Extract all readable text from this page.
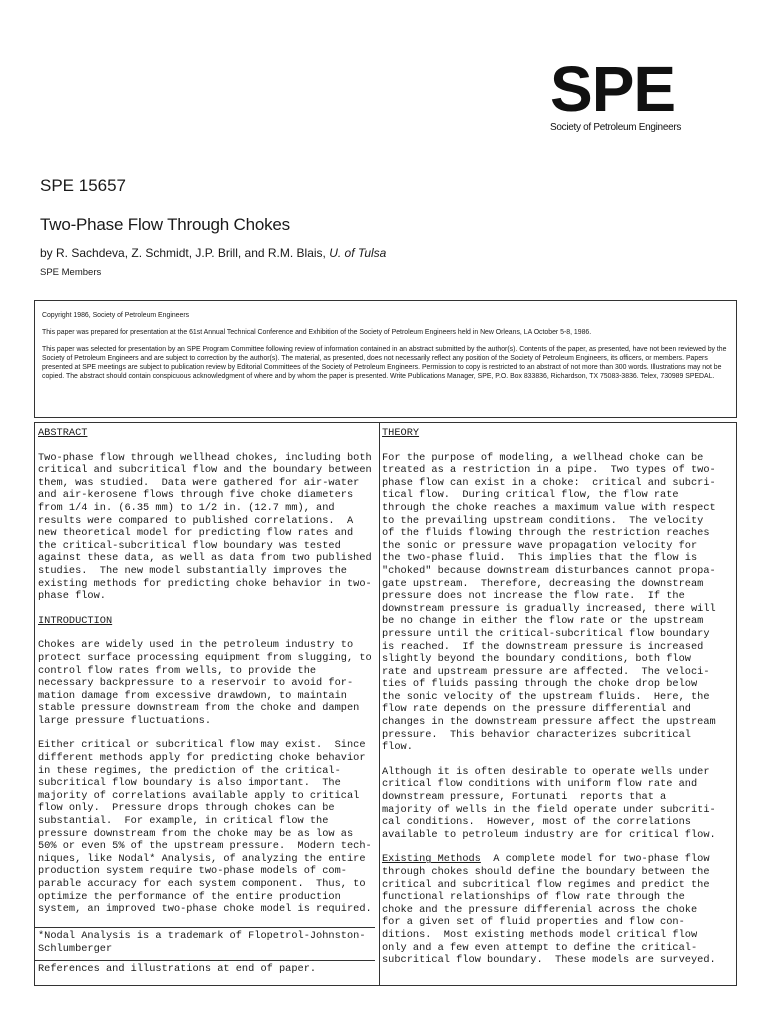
SPE
Society of Petroleum Engineers
SPE 15657
Two-Phase Flow Through Chokes
by R. Sachdeva, Z. Schmidt, J.P. Brill, and R.M. Blais, U. of Tulsa
SPE Members

Copyright 1986, Society of Petroleum Engineers

This paper was prepared for presentation at the 61st Annual Technical Conference and Exhibition of the Society of Petroleum Engineers held in New Orleans, LA October 5-8, 1986.

This paper was selected for presentation by an SPE Program Committee following review of information contained in an abstract submitted by the author(s). Contents of the paper, as presented, have not been reviewed by the Society of Petroleum Engineers and are subject to correction by the author(s). The material, as presented, does not necessarily reflect any position of the Society of Petroleum Engineers, its officers, or members. Papers presented at SPE meetings are subject to publication review by Editorial Committees of the Society of Petroleum Engineers. Permission to copy is restricted to an abstract of not more than 300 words. Illustrations may not be copied. The abstract should contain conspicuous acknowledgment of where and by whom the paper is presented. Write Publications Manager, SPE, P.O. Box 833836, Richardson, TX 75083-3836. Telex, 730989 SPEDAL.

ABSTRACT

Two-phase flow through wellhead chokes, including both
critical and subcritical flow and the boundary between
them, was studied.  Data were gathered for air-water
and air-kerosene flows through five choke diameters
from 1/4 in. (6.35 mm) to 1/2 in. (12.7 mm), and
results were compared to published correlations.  A
new theoretical model for predicting flow rates and
the critical-subcritical flow boundary was tested
against these data, as well as data from two published
studies.  The new model substantially improves the
existing methods for predicting choke behavior in two-
phase flow.

INTRODUCTION

Chokes are widely used in the petroleum industry to
protect surface processing equipment from slugging, to
control flow rates from wells, to provide the
necessary backpressure to a reservoir to avoid for-
mation damage from excessive drawdown, to maintain
stable pressure downstream from the choke and dampen
large pressure fluctuations.

Either critical or subcritical flow may exist.  Since
different methods apply for predicting choke behavior
in these regimes, the prediction of the critical-
subcritical flow boundary is also important.  The
majority of correlations available apply to critical
flow only.  Pressure drops through chokes can be
substantial.  For example, in critical flow the
pressure downstream from the choke may be as low as
50% or even 5% of the upstream pressure.  Modern tech-
niques, like Nodal* Analysis, of analyzing the entire
production system require two-phase models of com-
parable accuracy for each system component.  Thus, to
optimize the performance of the entire production
system, an improved two-phase choke model is required.

*Nodal Analysis is a trademark of Flopetrol-Johnston-
Schlumberger
References and illustrations at end of paper.
THEORY

For the purpose of modeling, a wellhead choke can be
treated as a restriction in a pipe.  Two types of two-
phase flow can exist in a choke:  critical and subcri-
tical flow.  During critical flow, the flow rate
through the choke reaches a maximum value with respect
to the prevailing upstream conditions.  The velocity
of the fluids flowing through the restriction reaches
the sonic or pressure wave propagation velocity for
the two-phase fluid.  This implies that the flow is
"choked" because downstream disturbances cannot propa-
gate upstream.  Therefore, decreasing the downstream
pressure does not increase the flow rate.  If the
downstream pressure is gradually increased, there will
be no change in either the flow rate or the upstream
pressure until the critical-subcritical flow boundary
is reached.  If the downstream pressure is increased
slightly beyond the boundary conditions, both flow
rate and upstream pressure are affected.  The veloci-
ties of fluids passing through the choke drop below
the sonic velocity of the upstream fluids.  Here, the
flow rate depends on the pressure differential and
changes in the downstream pressure affect the upstream
pressure.  This behavior characterizes subcritical
flow.

Although it is often desirable to operate wells under
critical flow conditions with uniform flow rate and
downstream pressure, Fortunati  reports that a
majority of wells in the field operate under subcriti-
cal conditions.  However, most of the correlations
available to petroleum industry are for critical flow.

Existing Methods  A complete model for two-phase flow
through chokes should define the boundary between the
critical and subcritical flow regimes and predict the
functional relationships of flow rate through the
choke and the pressure differenial across the choke
for a given set of fluid properties and flow con-
ditions.  Most existing methods model critical flow
only and a few even attempt to define the critical-
subcritical flow boundary.  These models are surveyed.
